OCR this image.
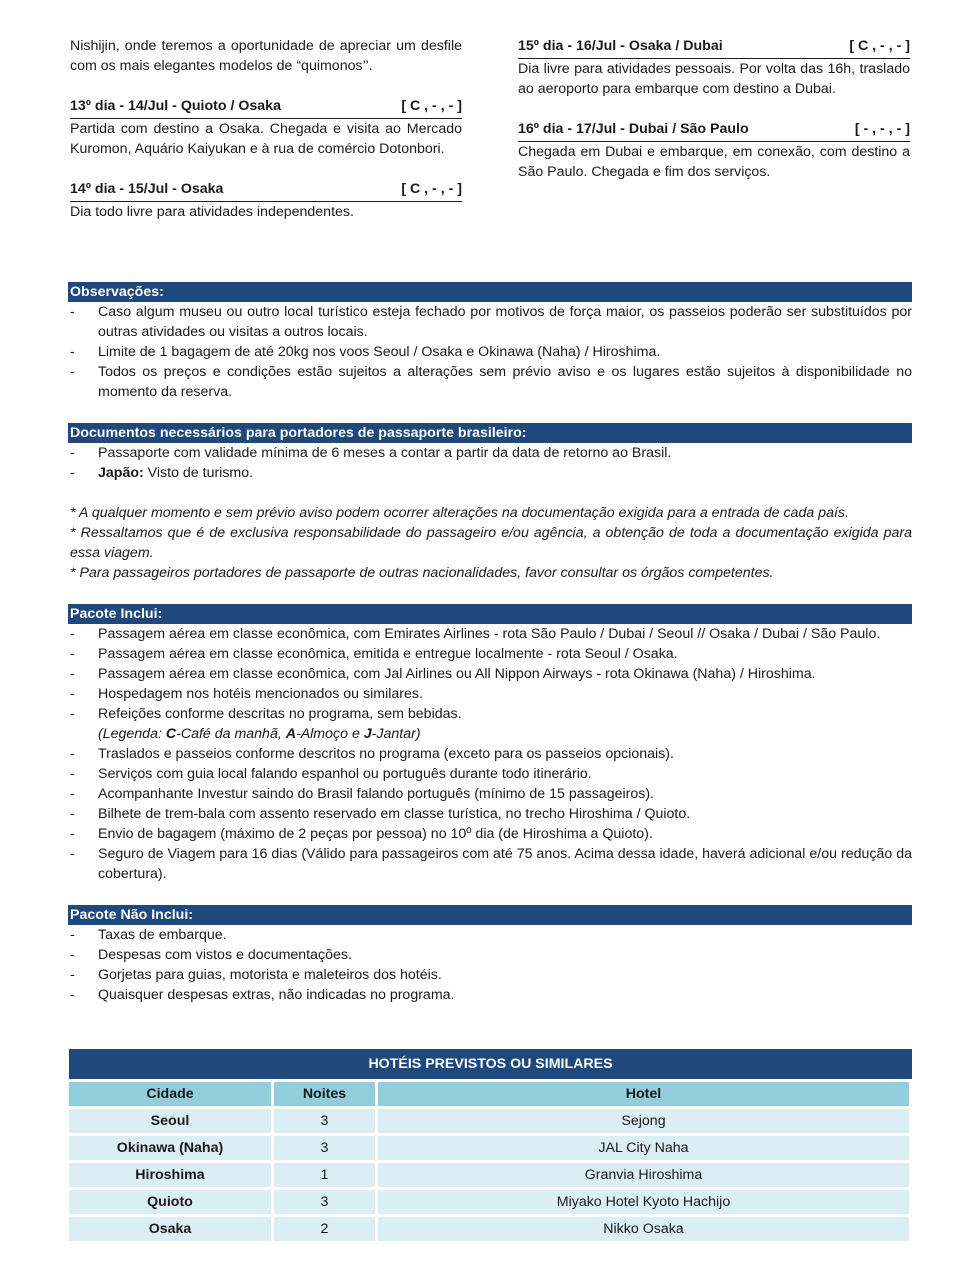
Nishijin, onde teremos a oportunidade de apreciar um desfile com os mais elegantes modelos de “quimonos’’.

13º dia - 14/Jul - Quioto / Osaka	[ C , - , - ]
Partida com destino a Osaka. Chegada e visita ao Mercado Kuromon, Aquário Kaiyukan e à rua de comércio Dotonbori.
14º dia - 15/Jul - Osaka	[ C , - , - ]
Dia todo livre para atividades independentes.
15º dia - 16/Jul - Osaka / Dubai	[ C , - , - ]
Dia livre para atividades pessoais. Por volta das 16h, traslado ao aeroporto para embarque com destino a Dubai.
16º dia - 17/Jul - Dubai / São Paulo	[ - , - , - ]
Chegada em Dubai e embarque, em conexão, com destino a São Paulo. Chegada e fim dos serviços.
Observações:
- Caso algum museu ou outro local turístico esteja fechado por motivos de força maior, os passeios poderão ser substituídos por outras atividades ou visitas a outros locais.
- Limite de 1 bagagem de até 20kg nos voos Seoul / Osaka e Okinawa (Naha) / Hiroshima.
- Todos os preços e condições estão sujeitos a alterações sem prévio aviso e os lugares estão sujeitos à disponibilidade no momento da reserva.
Documentos necessários para portadores de passaporte brasileiro:
- Passaporte com validade mínima de 6 meses a contar a partir da data de retorno ao Brasil.
- Japão: Visto de turismo.
* A qualquer momento e sem prévio aviso podem ocorrer alterações na documentação exigida para a entrada de cada país.
* Ressaltamos que é de exclusiva responsabilidade do passageiro e/ou agência, a obtenção de toda a documentação exigida para essa viagem.
* Para passageiros portadores de passaporte de outras nacionalidades, favor consultar os órgãos competentes.
Pacote Inclui:
- Passagem aérea em classe econômica, com Emirates Airlines - rota São Paulo / Dubai / Seoul // Osaka / Dubai / São Paulo.
- Passagem aérea em classe econômica, emitida e entregue localmente - rota Seoul / Osaka.
- Passagem aérea em classe econômica, com Jal Airlines ou All Nippon Airways - rota Okinawa (Naha) / Hiroshima.
- Hospedagem nos hotéis mencionados ou similares.
- Refeições conforme descritas no programa, sem bebidas.
(Legenda: C-Café da manhã, A-Almoço e J-Jantar)
- Traslados e passeios conforme descritos no programa (exceto para os passeios opcionais).
- Serviços com guia local falando espanhol ou português durante todo itinerário.
- Acompanhante Investur saindo do Brasil falando português (mínimo de 15 passageiros).
- Bilhete de trem-bala com assento reservado em classe turística, no trecho Hiroshima / Quioto.
- Envio de bagagem (máximo de 2 peças por pessoa) no 10º dia (de Hiroshima a Quioto).
- Seguro de Viagem para 16 dias (Válido para passageiros com até 75 anos. Acima dessa idade, haverá adicional e/ou redução da cobertura).
Pacote Não Inclui:
- Taxas de embarque.
- Despesas com vistos e documentações.
- Gorjetas para guias, motorista e maleteiros dos hotéis.
- Quaisquer despesas extras, não indicadas no programa.
HOTÉIS PREVISTOS OU SIMILARES
Cidade	Noites	Hotel
Seoul	3	Sejong
Okinawa (Naha)	3	JAL City Naha
Hiroshima	1	Granvia Hiroshima
Quioto	3	Miyako Hotel Kyoto Hachijo
Osaka	2	Nikko Osaka
